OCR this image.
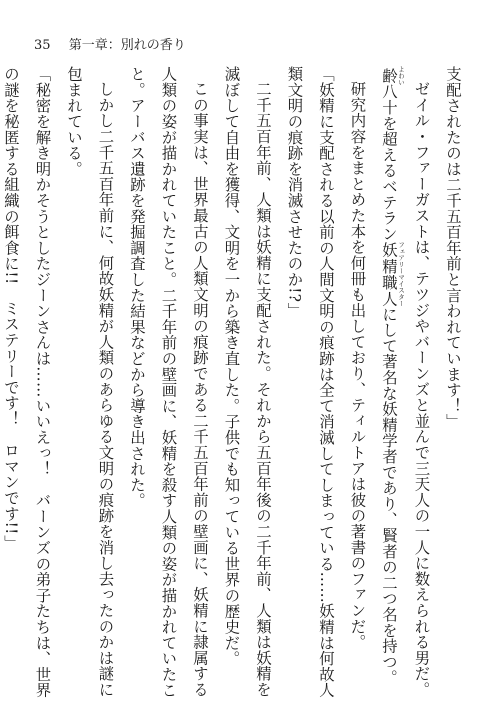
35 第一章：別れの香り
支配されたのは二千五百年前と言われています！」
ゼイル・ファーガストは、テツジやバーンズと並んで三天人の一人に数えられる男だ。
齢 よわい八十を超えるベテラン妖精職人 フェアリーマイスターにして著名な妖精学者であり、賢者の二つ名を持つ。
研究内容をまとめた本を何冊も出しており、ティルトアは彼の著書のファンだ。
「妖精に支配される以前の人間文明の痕跡は全て消滅してしまっている……妖精は何故人
類文明の痕跡を消滅させたのか!?」
二千五百年前、人類は妖精に支配された。それから五百年後の二千年前、人類は妖精を
滅ぼして自由を獲得、文明を一から築き直した。子供でも知っている世界の歴史だ。
この事実は、世界最古の人類文明の痕跡である二千五百年前の壁画に、妖精に隷属する
人類の姿が描かれていたこと。二千年前の壁画に、妖精を殺す人類の姿が描かれていたこ
と。アーバス遺跡を発掘調査した結果などから導き出された。
しかし二千五百年前に、何故妖精が人類のあらゆる文明の痕跡を消し去ったのかは謎に
包まれている。
「秘密を解き明かそうとしたジーンさんは……いいえっ！　バーンズの弟子たちは、世界
の謎を秘匿する組織の餌食に!!　ミステリーです！　ロマンです!!」
